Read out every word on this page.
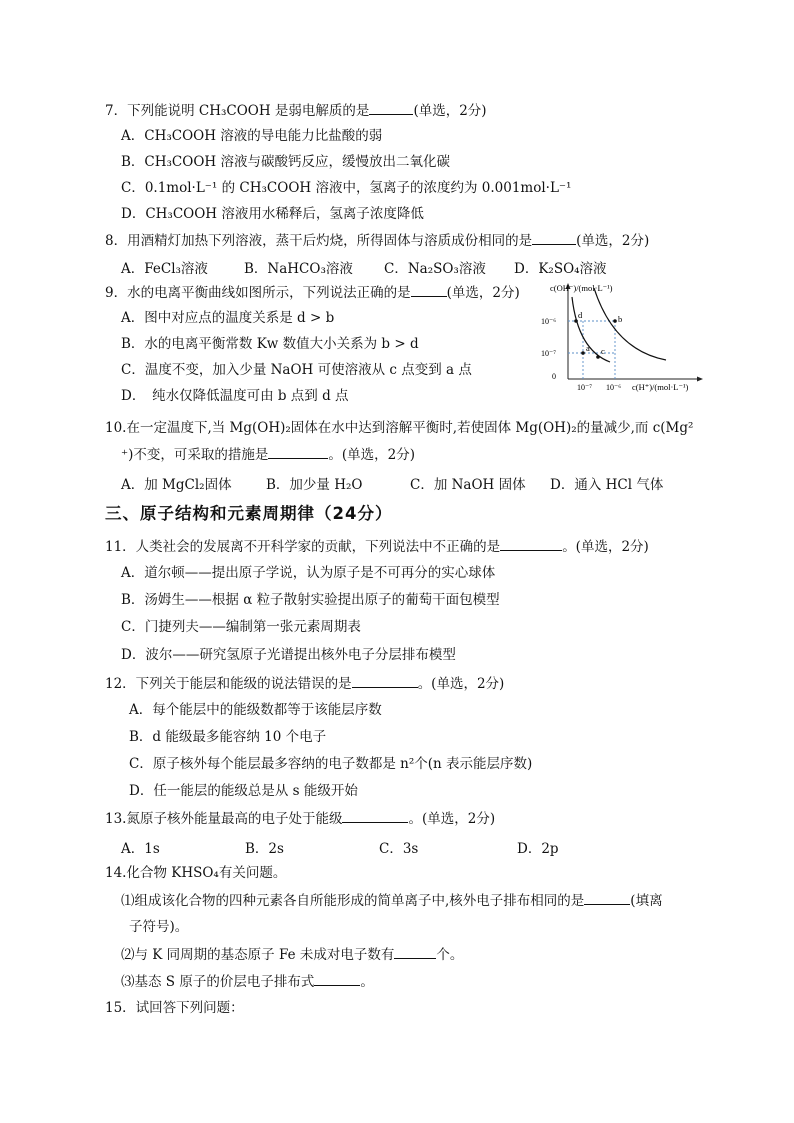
7．下列能说明 CH₃COOH 是弱电解质的是	(单选，2分)
A．CH₃COOH 溶液的导电能力比盐酸的弱
B．CH₃COOH 溶液与碳酸钙反应，缓慢放出二氧化碳
C．0.1mol·L⁻¹ 的 CH₃COOH 溶液中，氢离子的浓度约为 0.001mol·L⁻¹
D．CH₃COOH 溶液用水稀释后，氢离子浓度降低
8．用酒精灯加热下列溶液，蒸干后灼烧，所得固体与溶质成份相同的是	(单选，2分)
A．FeCl₃溶液	B．NaHCO₃溶液 C．Na₂SO₃溶液 D．K₂SO₄溶液
9．水的电离平衡曲线如图所示，下列说法正确的是	(单选，2分)
A．图中对应点的温度关系是 d > b
B．水的电离平衡常数 Kw 数值大小关系为 b > d
C．温度不变，加入少量 NaOH 可使溶液从 c 点变到 a 点
D．　纯水仅降低温度可由 b 点到 d 点
c(OH⁻)/(mol·L⁻¹)
c(H⁺)/(mol·L⁻¹)
10⁻⁶
10⁻⁷
0
10⁻⁷ 10⁻⁶
a
b
c
d
10.在一定温度下,当 Mg(OH)₂固体在水中达到溶解平衡时,若使固体 Mg(OH)₂的量减少,而 c(Mg²
⁺)不变，可采取的措施是	。(单选，2分)
A．加 MgCl₂固体	B．加少量 H₂O	C．加 NaOH 固体 D．通入 HCl 气体
三、原子结构和元素周期律（24分）
11．人类社会的发展离不开科学家的贡献，下列说法中不正确的是	。(单选，2分)
A．道尔顿——提出原子学说，认为原子是不可再分的实心球体
B．汤姆生——根据 α 粒子散射实验提出原子的葡萄干面包模型
C．门捷列夫——编制第一张元素周期表
D．波尔——研究氢原子光谱提出核外电子分层排布模型
12．下列关于能层和能级的说法错误的是	。(单选，2分)
A．每个能层中的能级数都等于该能层序数
B．d 能级最多能容纳 10 个电子
C．原子核外每个能层最多容纳的电子数都是 n²个(n 表示能层序数)
D．任一能层的能级总是从 s 能级开始
13.氮原子核外能量最高的电子处于能级	。(单选，2分)
A．1s	B．2s	C．3s	D．2p
14.化合物 KHSO₄有关问题。
⑴组成该化合物的四种元素各自所能形成的简单离子中,核外电子排布相同的是	(填离
子符号)。
⑵与 K 同周期的基态原子 Fe 未成对电子数有	个。
⑶基态 S 原子的价层电子排布式	。
15．试回答下列问题：
